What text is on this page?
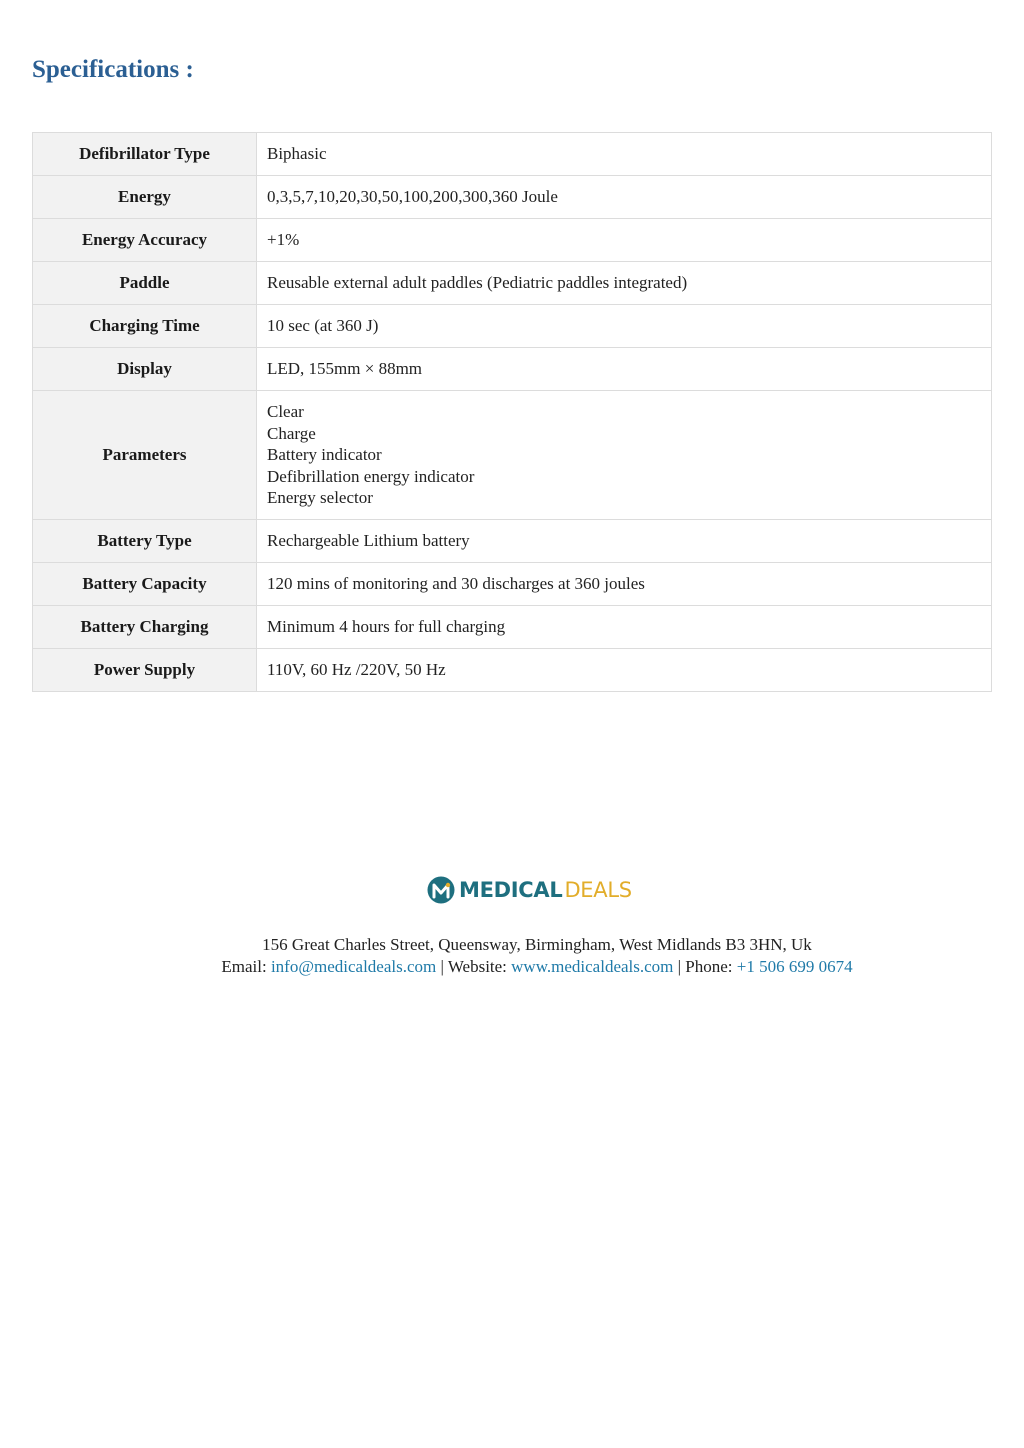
Specifications :
Defibrillator Type	Biphasic
Energy	0,3,5,7,10,20,30,50,100,200,300,360 Joule
Energy Accuracy	+1%
Paddle	Reusable external adult paddles (Pediatric paddles integrated)
Charging Time	10 sec (at 360 J)
Display	LED, 155mm × 88mm
Parameters	Clear
Charge
Battery indicator
Defibrillation energy indicator
Energy selector

Battery Type	Rechargeable Lithium battery
Battery Capacity	120 mins of monitoring and 30 discharges at 360 joules
Battery Charging	Minimum 4 hours for full charging
Power Supply	110V, 60 Hz /220V, 50 Hz
MEDICALDEALS
156 Great Charles Street, Queensway, Birmingham, West Midlands B3 3HN, Uk
Email: info@medicaldeals.com | Website: www.medicaldeals.com | Phone: +1 506 699 0674
